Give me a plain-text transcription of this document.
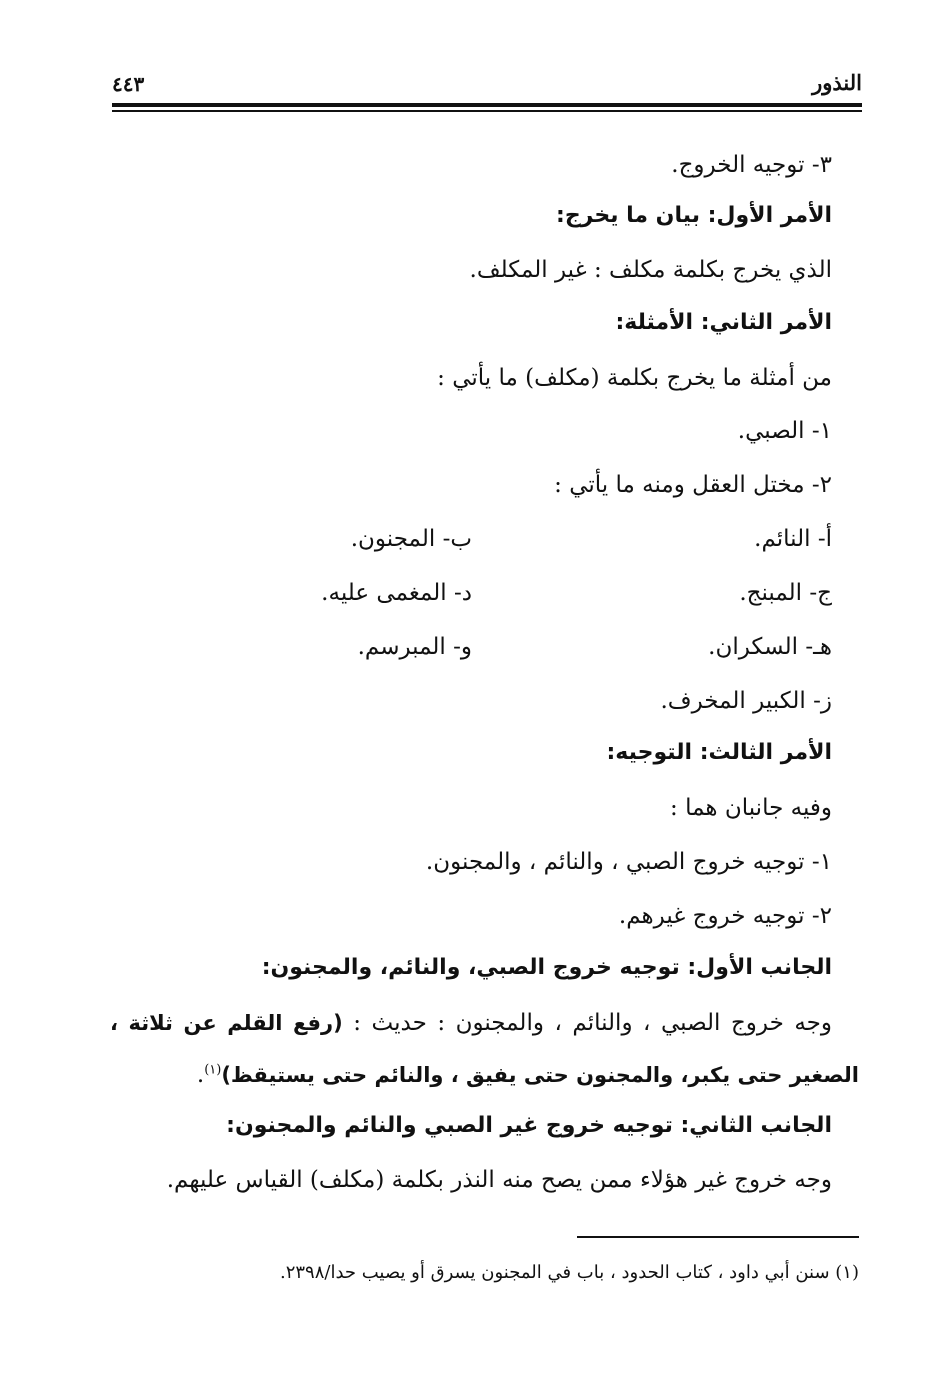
النذور
٤٤٣
٣- توجيه الخروج.
الأمر الأول: بيان ما يخرج:
الذي يخرج بكلمة مكلف : غير المكلف.
الأمر الثاني: الأمثلة:
من أمثلة ما يخرج بكلمة (مكلف) ما يأتي :
١- الصبي.
٢- مختل العقل ومنه ما يأتي :
أ- النائم.
ب- المجنون.
ج- المبنج.
د- المغمى عليه.
هـ- السكران.
و- المبرسم.
ز- الكبير المخرف.
الأمر الثالث: التوجيه:
وفيه جانبان هما :
١- توجيه خروج الصبي ، والنائم ، والمجنون.
٢- توجيه خروج غيرهم.
الجانب الأول: توجيه خروج الصبي، والنائم، والمجنون:
وجه خروج الصبي ، والنائم ، والمجنون : حديث : (رفع القلم عن ثلاثة ،
الصغير حتى يكبر، والمجنون حتى يفيق ، والنائم حتى يستيقظ)$^{(١)}$.
الجانب الثاني: توجيه خروج غير الصبي والنائم والمجنون:
وجه خروج غير هؤلاء ممن يصح منه النذر بكلمة (مكلف) القياس عليهم.
(١) سنن أبي داود ، كتاب الحدود ، باب في المجنون يسرق أو يصيب حدا/٢٣٩٨.
